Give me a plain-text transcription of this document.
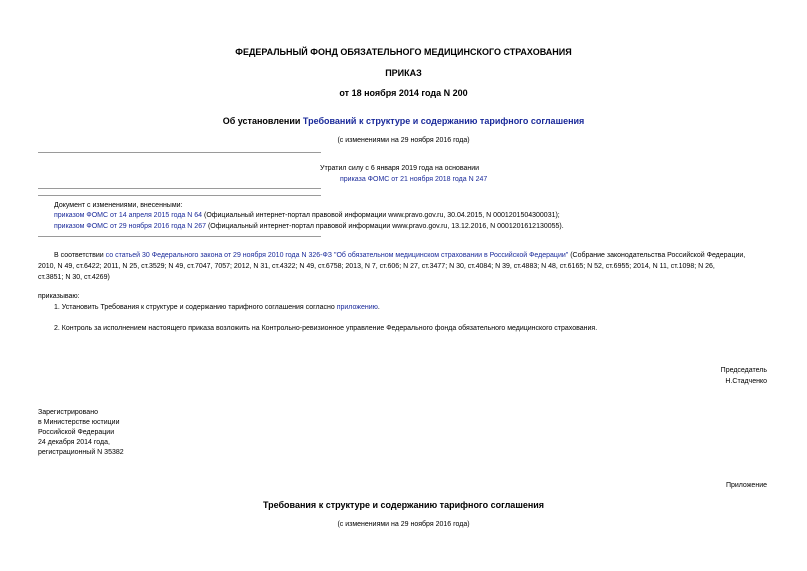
ФЕДЕРАЛЬНЫЙ ФОНД ОБЯЗАТЕЛЬНОГО МЕДИЦИНСКОГО СТРАХОВАНИЯ
ПРИКАЗ
от 18 ноября 2014 года N 200
Об установлении Требований к структуре и содержанию тарифного соглашения
(с изменениями на 29 ноября 2016 года)
Утратил силу с 6 января 2019 года на основании
приказа ФОМС от 21 ноября 2018 года N 247
Документ с изменениями, внесенными:
приказом ФОМС от 14 апреля 2015 года N 64 (Официальный интернет-портал правовой информации www.pravo.gov.ru, 30.04.2015, N 0001201504300031);
приказом ФОМС от 29 ноября 2016 года N 267 (Официальный интернет-портал правовой информации www.pravo.gov.ru, 13.12.2016, N 0001201612130055).
В соответствии со статьей 30 Федерального закона от 29 ноября 2010 года N 326-ФЗ "Об обязательном медицинском страховании в Российской Федерации" (Собрание законодательства Российской Федерации,
2010, N 49, ст.6422; 2011, N 25, ст.3529; N 49, ст.7047, 7057; 2012, N 31, ст.4322; N 49, ст.6758; 2013, N 7, ст.606; N 27, ст.3477; N 30, ст.4084; N 39, ст.4883; N 48, ст.6165; N 52, ст.6955; 2014, N 11, ст.1098; N 26,
ст.3851; N 30, ст.4269)
приказываю:
1. Установить Требования к структуре и содержанию тарифного соглашения согласно приложению.
2. Контроль за исполнением настоящего приказа возложить на Контрольно-ревизионное управление Федерального фонда обязательного медицинского страхования.
Председатель
Н.Стадченко
Зарегистрировано
в Министерстве юстиции
Российской Федерации
24 декабря 2014 года,
регистрационный N 35382
Приложение
Требования к структуре и содержанию тарифного соглашения
(с изменениями на 29 ноября 2016 года)
